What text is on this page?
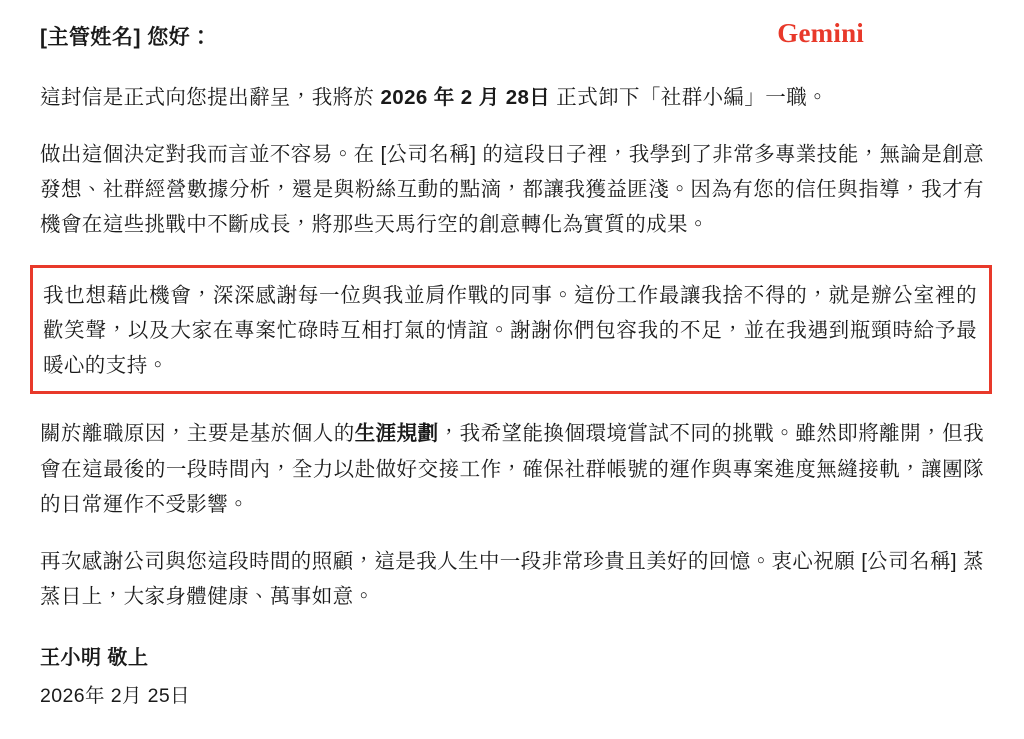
Gemini
[主管姓名] 您好：

這封信是正式向您提出辭呈，我將於 2026 年 2 月 28日 正式卸下「社群小編」一職。

做出這個決定對我而言並不容易。在 [公司名稱] 的這段日子裡，我學到了非常多專業技能，無論是創意發想、社群經營數據分析，還是與粉絲互動的點滴，都讓我獲益匪淺。因為有您的信任與指導，我才有機會在這些挑戰中不斷成長，將那些天馬行空的創意轉化為實質的成果。

我也想藉此機會，深深感謝每一位與我並肩作戰的同事。這份工作最讓我捨不得的，就是辦公室裡的歡笑聲，以及大家在專案忙碌時互相打氣的情誼。謝謝你們包容我的不足，並在我遇到瓶頸時給予最暖心的支持。

關於離職原因，主要是基於個人的生涯規劃，我希望能換個環境嘗試不同的挑戰。雖然即將離開，但我會在這最後的一段時間內，全力以赴做好交接工作，確保社群帳號的運作與專案進度無縫接軌，讓團隊的日常運作不受影響。

再次感謝公司與您這段時間的照顧，這是我人生中一段非常珍貴且美好的回憶。衷心祝願 [公司名稱] 蒸蒸日上，大家身體健康、萬事如意。

王小明 敬上
2026年 2月 25日
